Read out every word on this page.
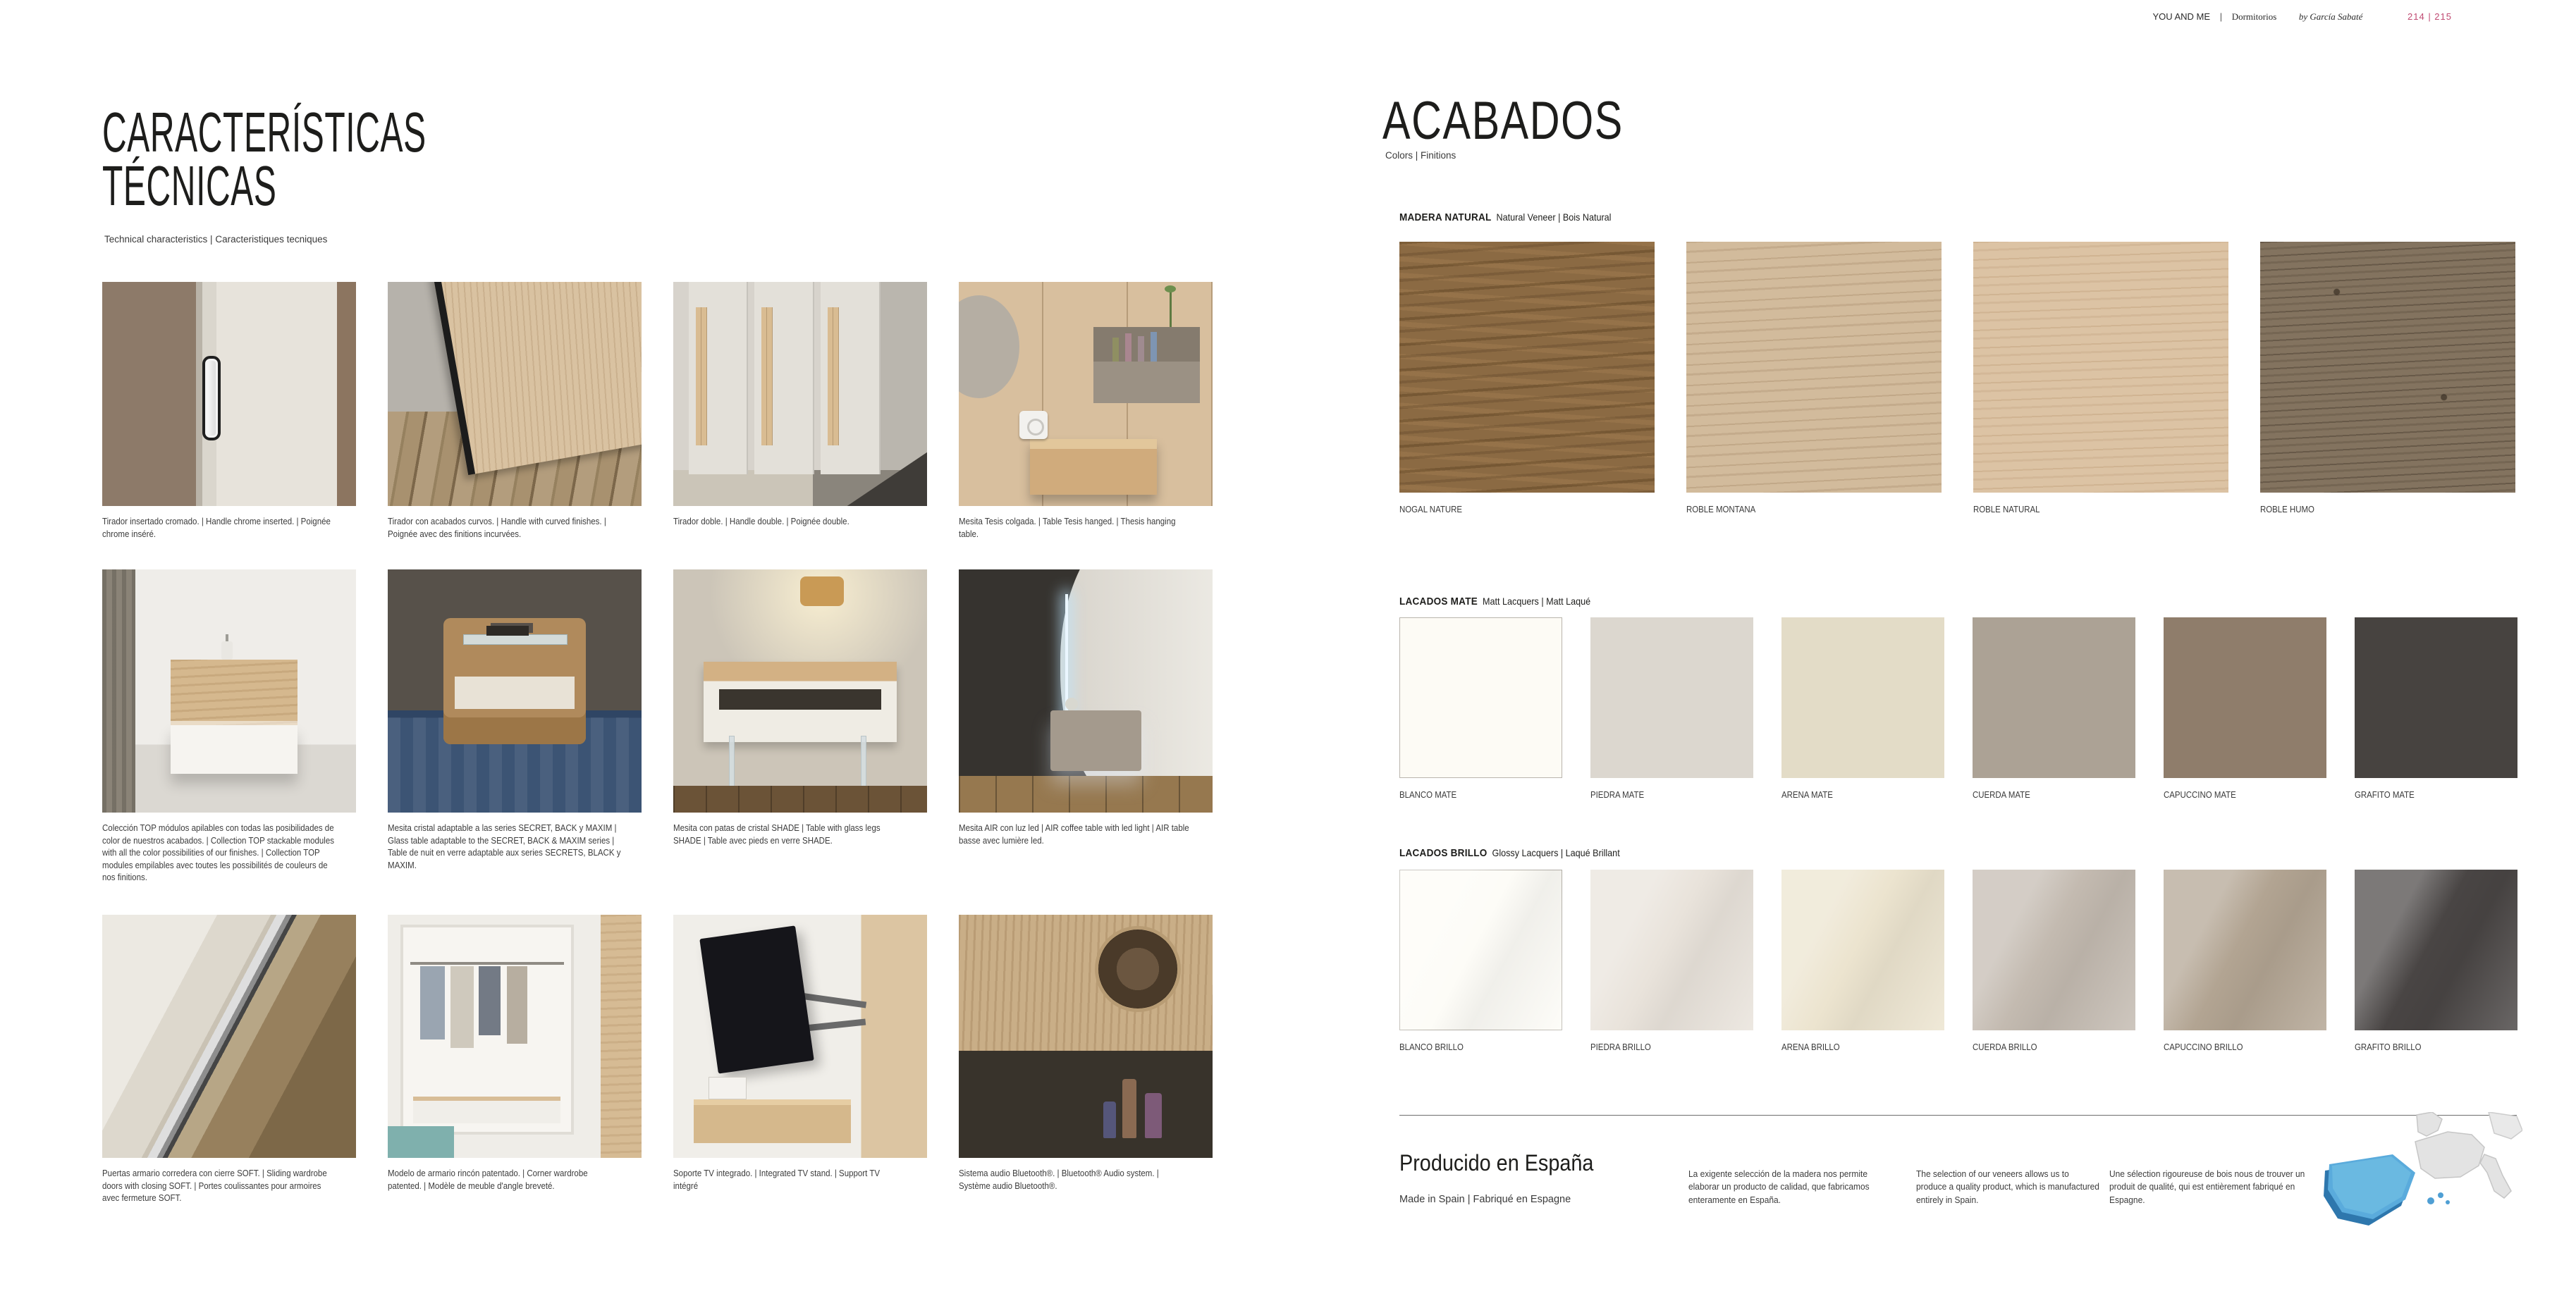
YOU AND ME | Dormitorios by García Sabaté	214 | 215
CARACTERÍSTICAS
TÉCNICAS
Technical characteristics | Caracteristiques tecniques
Tirador insertado cromado. | Handle chrome inserted. | Poignée chrome inséré.
Tirador con acabados curvos. | Handle with curved finishes. | Poignée avec des finitions incurvées.
Tirador doble. | Handle double. | Poignée double.	Mesita Tesis colgada. | Table Tesis hanged. | Thesis hanging table.
Colección TOP módulos apilables con todas las posibilidades de color de nuestros acabados. | Collection TOP stackable modules with all the color possibilities of our finishes. | Collection TOP modules empilables avec toutes les possibilités de couleurs de nos finitions.
Mesita cristal adaptable a las series SECRET, BACK y MAXIM | Glass table adaptable to the SECRET, BACK & MAXIM series | Table de nuit en verre adaptable aux series SECRETS, BLACK y MAXIM.
Mesita con patas de cristal SHADE | Table with glass legs SHADE | Table avec pieds en verre SHADE.
Mesita AIR con luz led | AIR coffee table with led light | AIR table basse avec lumière led.
Puertas armario corredera con cierre SOFT. | Sliding wardrobe doors with closing SOFT. | Portes coulissantes pour armoires avec fermeture SOFT.
Modelo de armario rincón patentado. | Corner wardrobe patented. | Modèle de meuble d'angle breveté.
Soporte TV integrado. | Integrated TV stand. | Support TV intégré
Sistema audio Bluetooth®. | Bluetooth® Audio system. | Système audio Bluetooth®.
ACABADOS
Colors | Finitions
MADERA NATURAL Natural Veneer | Bois Natural
NOGAL NATURE	ROBLE MONTANA	ROBLE NATURAL	ROBLE HUMO
LACADOS MATE Matt Lacquers | Matt Laqué
BLANCO MATE	PIEDRA MATE	ARENA MATE	CUERDA MATE	CAPUCCINO MATE	GRAFITO MATE
LACADOS BRILLO Glossy Lacquers | Laqué Brillant
BLANCO BRILLO	PIEDRA BRILLO	ARENA BRILLO	CUERDA BRILLO	CAPUCCINO BRILLO	GRAFITO BRILLO
Producido en España
Made in Spain | Fabriqué en Espagne
La exigente selección de la madera nos permite elaborar un producto de calidad, que fabricamos enteramente en España.
The selection of our veneers allows us to produce a quality product, which is manufactured entirely in Spain.
Une sélection rigoureuse de bois nous de trouver un produit de qualité, qui est entièrement fabriqué en Espagne.
